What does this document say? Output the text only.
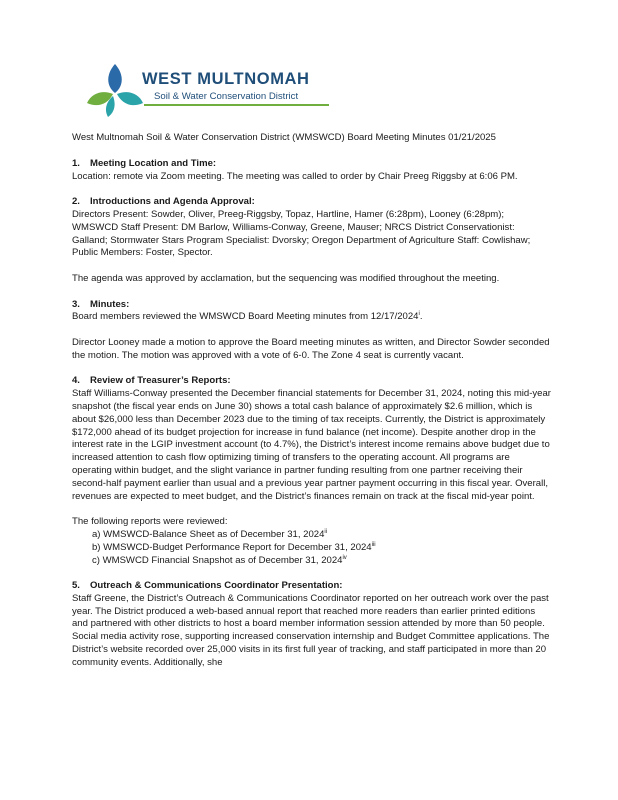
WEST MULTNOMAH
Soil & Water Conservation District

West Multnomah Soil & Water Conservation District (WMSWCD) Board Meeting Minutes 01/21/2025

1. Meeting Location and Time:

Location: remote via Zoom meeting. The meeting was called to order by Chair Preeg Riggsby at 6:06 PM.

2. Introductions and Agenda Approval:

Directors Present: Sowder, Oliver, Preeg-Riggsby, Topaz, Hartline, Hamer (6:28pm), Looney (6:28pm); WMSWCD Staff Present: DM Barlow, Williams-Conway, Greene, Mauser; NRCS District Conservationist: Galland; Stormwater Stars Program Specialist: Dvorsky; Oregon Department of Agriculture Staff: Cowlishaw; Public Members: Foster, Spector.

The agenda was approved by acclamation, but the sequencing was modified throughout the meeting.

3. Minutes:

Board members reviewed the WMSWCD Board Meeting minutes from 12/17/2024$^i$.

Director Looney made a motion to approve the Board meeting minutes as written, and Director Sowder seconded the motion. The motion was approved with a vote of 6-0. The Zone 4 seat is currently vacant.

4. Review of Treasurer’s Reports:

Staff Williams-Conway presented the December financial statements for December 31, 2024, noting this mid-year snapshot (the fiscal year ends on June 30) shows a total cash balance of approximately $2.6 million, which is about $26,000 less than December 2023 due to the timing of tax receipts. Currently, the District is approximately $172,000 ahead of its budget projection for increase in fund balance (net income). Despite another drop in the interest rate in the LGIP investment account (to 4.7%), the District’s interest income remains above budget due to increased attention to cash flow optimizing timing of transfers to the operating account. All programs are operating within budget, and the slight variance in partner funding resulting from one partner receiving their second-half payment earlier than usual and a previous year partner payment occurring in this fiscal year. Overall, revenues are expected to meet budget, and the District’s finances remain on track at the fiscal mid-year point.

The following reports were reviewed:

a) WMSWCD-Balance Sheet as of December 31, 2024$^{ii}$
b) WMSWCD-Budget Performance Report for December 31, 2024$^{iii}$
c) WMSWCD Financial Snapshot as of December 31, 2024$^{iv}$

5. Outreach & Communications Coordinator Presentation:

Staff Greene, the District’s Outreach & Communications Coordinator reported on her outreach work over the past year. The District produced a web-based annual report that reached more readers than earlier printed editions and partnered with other districts to host a board member information session attended by more than 50 people. Social media activity rose, supporting increased conservation internship and Budget Committee applications. The District’s website recorded over 25,000 visits in its first full year of tracking, and staff participated in more than 20 community events. Additionally, she
